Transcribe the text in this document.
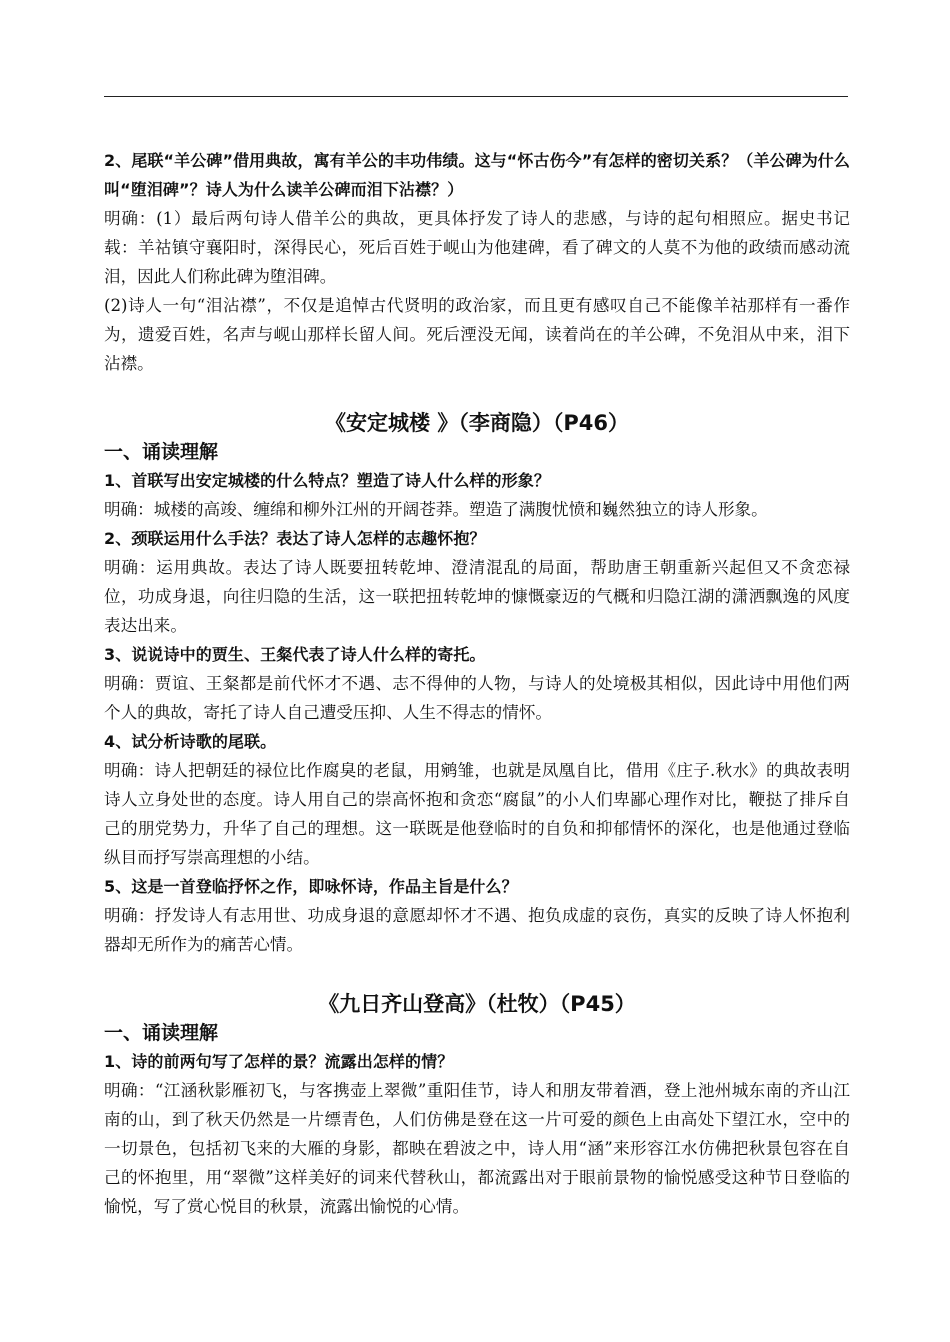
2、尾联“羊公碑”借用典故，寓有羊公的丰功伟绩。这与“怀古伤今”有怎样的密切关系？（羊公碑为什么叫“堕泪碑”？诗人为什么读羊公碑而泪下沾襟？）

明确：(1）最后两句诗人借羊公的典故，更具体抒发了诗人的悲感，与诗的起句相照应。据史书记载：羊祜镇守襄阳时，深得民心，死后百姓于岘山为他建碑，看了碑文的人莫不为他的政绩而感动流泪，因此人们称此碑为堕泪碑。

(2)诗人一句“泪沾襟”，不仅是追悼古代贤明的政治家，而且更有感叹自己不能像羊祜那样有一番作为，遗爱百姓，名声与岘山那样长留人间。死后湮没无闻，读着尚在的羊公碑，不免泪从中来，泪下沾襟。

《安定城楼 》（李商隐）（P46）

一、诵读理解

1、首联写出安定城楼的什么特点？塑造了诗人什么样的形象？

明确：城楼的高竣、缠绵和柳外江州的开阔苍莽。塑造了满腹忧愤和巍然独立的诗人形象。

2、颈联运用什么手法？表达了诗人怎样的志趣怀抱？

明确：运用典故。表达了诗人既要扭转乾坤、澄清混乱的局面，帮助唐王朝重新兴起但又不贪恋禄位，功成身退，向往归隐的生活，这一联把扭转乾坤的慷慨豪迈的气概和归隐江湖的潇洒飘逸的风度表达出来。

3、说说诗中的贾生、王粲代表了诗人什么样的寄托。

明确：贾谊、王粲都是前代怀才不遇、志不得伸的人物，与诗人的处境极其相似，因此诗中用他们两个人的典故，寄托了诗人自己遭受压抑、人生不得志的情怀。

4、试分析诗歌的尾联。

明确：诗人把朝廷的禄位比作腐臭的老鼠，用鹓雏，也就是凤凰自比，借用《庄子.秋水》的典故表明诗人立身处世的态度。诗人用自己的崇高怀抱和贪恋“腐鼠”的小人们卑鄙心理作对比，鞭挞了排斥自己的朋党势力，升华了自己的理想。这一联既是他登临时的自负和抑郁情怀的深化，也是他通过登临纵目而抒写崇高理想的小结。

5、这是一首登临抒怀之作，即咏怀诗，作品主旨是什么？

明确：抒发诗人有志用世、功成身退的意愿却怀才不遇、抱负成虚的哀伤，真实的反映了诗人怀抱利器却无所作为的痛苦心情。

《九日齐山登高》（杜牧）（P45）

一、诵读理解

1、诗的前两句写了怎样的景？流露出怎样的情？

明确：“江涵秋影雁初飞，与客携壶上翠微”重阳佳节，诗人和朋友带着酒，登上池州城东南的齐山江南的山，到了秋天仍然是一片缥青色，人们仿佛是登在这一片可爱的颜色上由高处下望江水，空中的一切景色，包括初飞来的大雁的身影，都映在碧波之中，诗人用“涵”来形容江水仿佛把秋景包容在自己的怀抱里，用“翠微”这样美好的词来代替秋山，都流露出对于眼前景物的愉悦感受这种节日登临的愉悦，写了赏心悦目的秋景，流露出愉悦的心情。
